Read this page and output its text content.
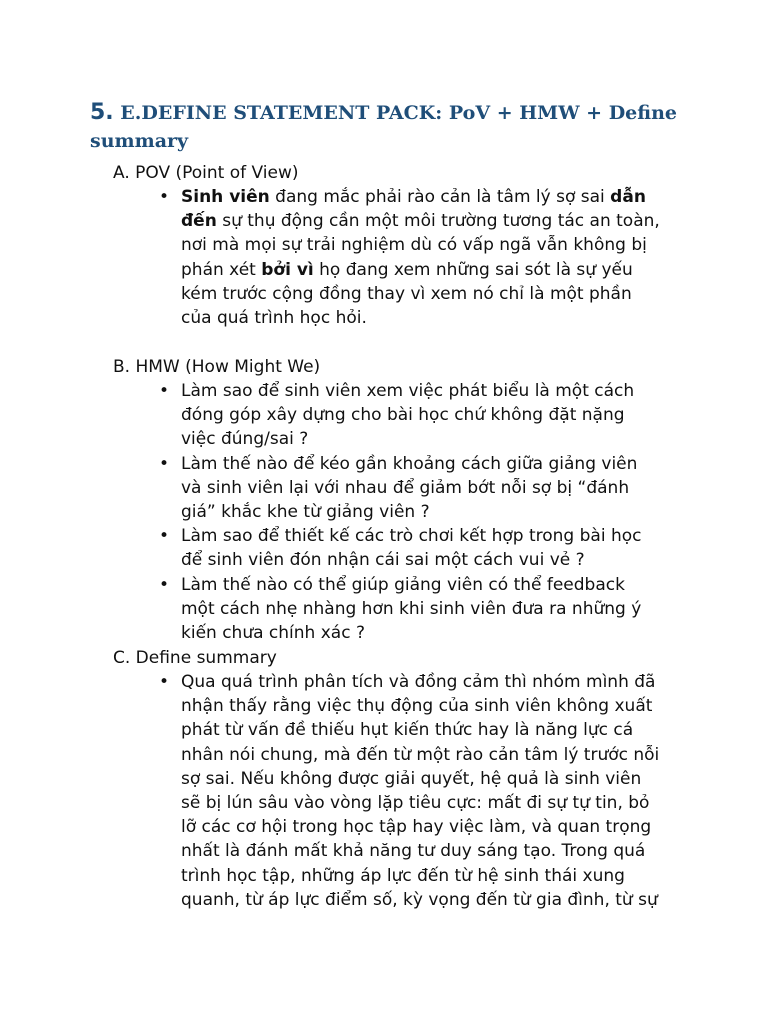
5. E.DEFINE STATEMENT PACK: PoV + HMW + Define
summary
A. POV (Point of View)
• Sinh viên đang mắc phải rào cản là tâm lý sợ sai dẫn
đến sự thụ động cần một môi trường tương tác an toàn,
nơi mà mọi sự trải nghiệm dù có vấp ngã vẫn không bị
phán xét bởi vì họ đang xem những sai sót là sự yếu
kém trước cộng đồng thay vì xem nó chỉ là một phần
của quá trình học hỏi.
B. HMW (How Might We)
• Làm sao để sinh viên xem việc phát biểu là một cách
đóng góp xây dựng cho bài học chứ không đặt nặng
việc đúng/sai ?
• Làm thế nào để kéo gần khoảng cách giữa giảng viên
và sinh viên lại với nhau để giảm bớt nỗi sợ bị “đánh
giá” khắc khe từ giảng viên ?
• Làm sao để thiết kế các trò chơi kết hợp trong bài học
để sinh viên đón nhận cái sai một cách vui vẻ ?
• Làm thế nào có thể giúp giảng viên có thể feedback
một cách nhẹ nhàng hơn khi sinh viên đưa ra những ý
kiến chưa chính xác ?
C. Define summary
• Qua quá trình phân tích và đồng cảm thì nhóm mình đã
nhận thấy rằng việc thụ động của sinh viên không xuất
phát từ vấn đề thiếu hụt kiến thức hay là năng lực cá
nhân nói chung, mà đến từ một rào cản tâm lý trước nỗi
sợ sai. Nếu không được giải quyết, hệ quả là sinh viên
sẽ bị lún sâu vào vòng lặp tiêu cực: mất đi sự tự tin, bỏ
lỡ các cơ hội trong học tập hay việc làm, và quan trọng
nhất là đánh mất khả năng tư duy sáng tạo. Trong quá
trình học tập, những áp lực đến từ hệ sinh thái xung
quanh, từ áp lực điểm số, kỳ vọng đến từ gia đình, từ sự
